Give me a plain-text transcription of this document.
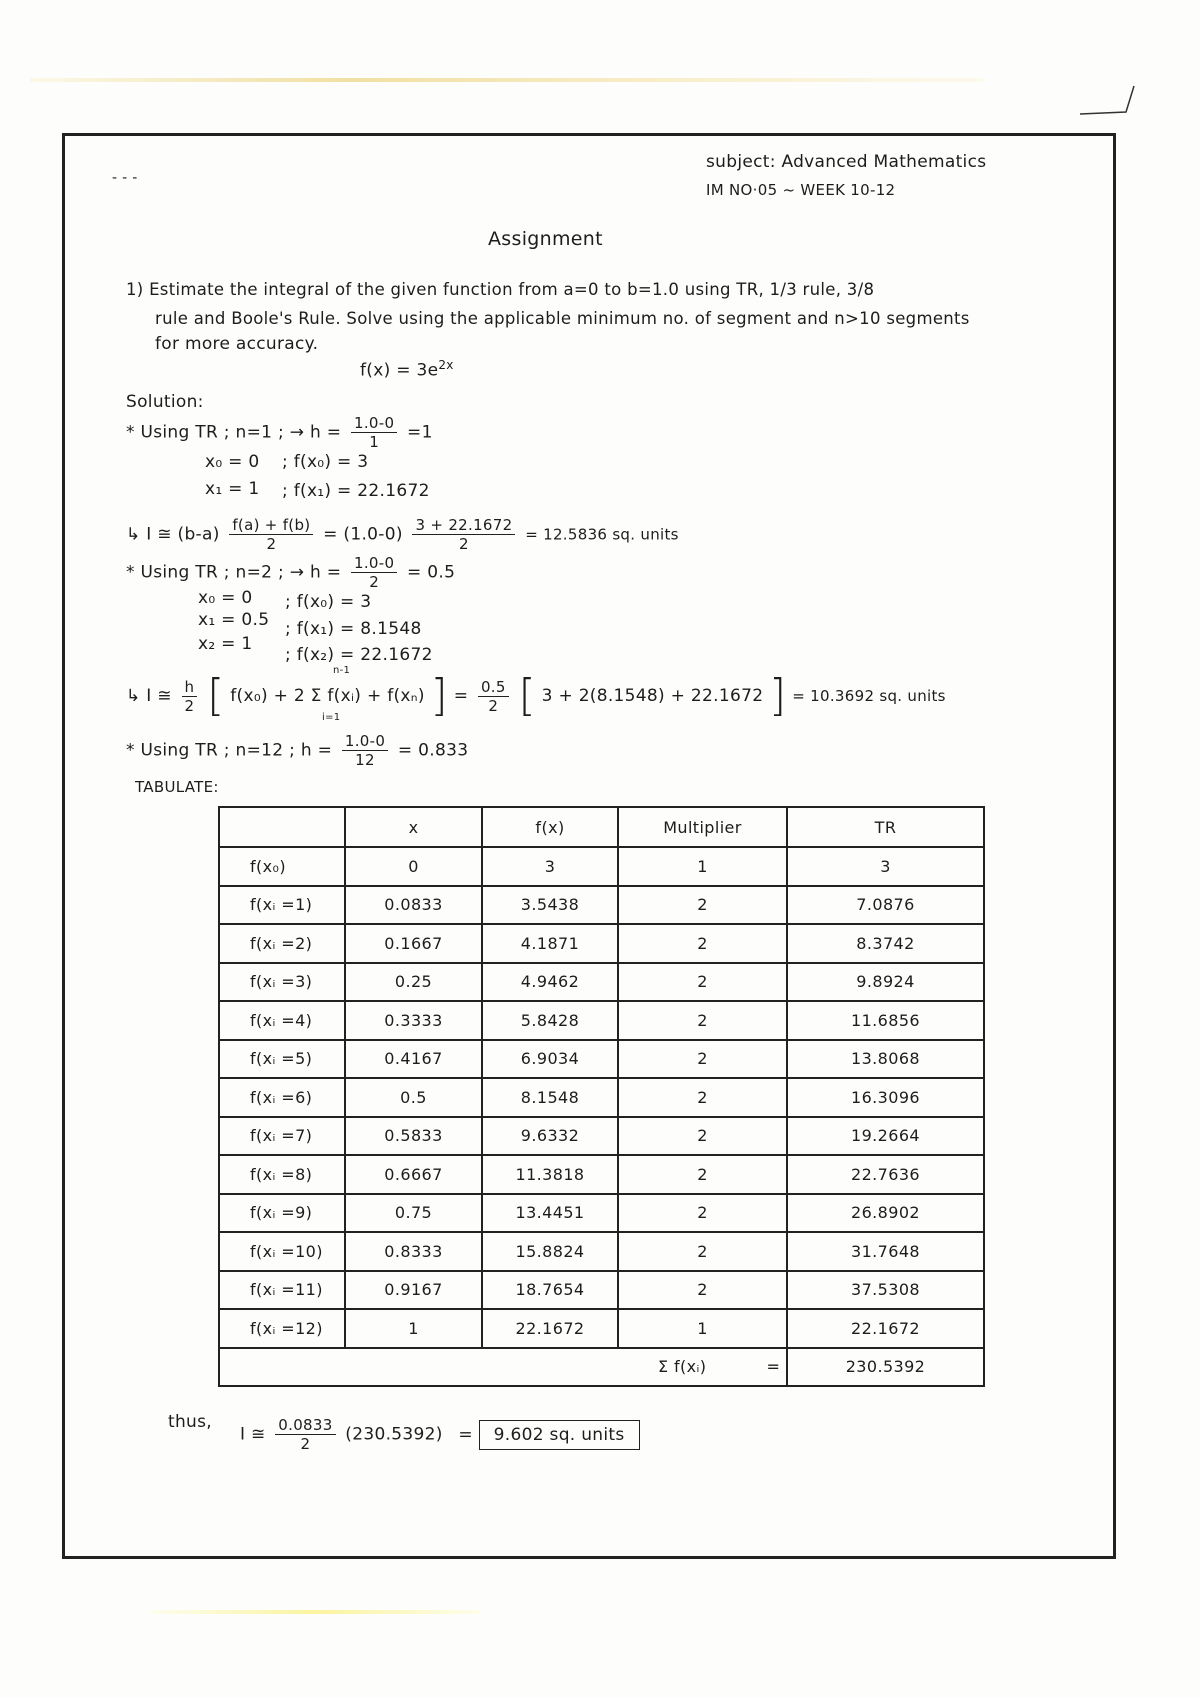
- - -
subject: Advanced Mathematics
IM NO·05 ~ WEEK 10-12
Assignment
1) Estimate the integral of the given function from a=0 to b=1.0 using TR, 1/3 rule, 3/8
rule and Boole's Rule. Solve using the applicable minimum no. of segment and n>10 segments
for more accuracy.
$f(x) = 3e^{2x}$
Solution:
* Using TR ; n=1 ; → $h = \frac{1.0-0}{1} =1$
x₀ = 0 ; f(x₀) = 3
x₁ = 1 ; f(x₁) = 22.1672
↳ I ≅ $(b-a) \frac{f(a) + f(b)}{2} = (1.0-0) \frac{3 + 22.1672}{2} = 12.5836$ sq. units
* Using TR ; n=2 ; → $h = \frac{1.0-0}{2} = 0.5$
x₀ = 0 ; f(x₀) = 3
x₁ = 0.5 ; f(x₁) = 8.1548
x₂ = 1
; f(x₂) = 22.1672
↳ I ≅ $\frac{h}{2}$ [ f(x₀) + 2 Σ f(xᵢ) + f(xₙ) ] = $\frac{0.5}{2}$ [ 3 + 2(8.1548) + 22.1672 ] = 10.3692 sq. units
n-1
i=1
* Using TR ; n=12 ; $h = \frac{1.0-0}{12} = 0.833$
TABULATE:
	x	f(x)	Multiplier	TR
f(x₀)	0	3	1	3
f(xᵢ =1)	0.0833	3.5438	2	7.0876
f(xᵢ =2)	0.1667	4.1871	2	8.3742
f(xᵢ =3)	0.25	4.9462	2	9.8924
f(xᵢ =4)	0.3333	5.8428	2	11.6856
f(xᵢ =5)	0.4167	6.9034	2	13.8068
f(xᵢ =6)	0.5	8.1548	2	16.3096
f(xᵢ =7)	0.5833	9.6332	2	19.2664
f(xᵢ =8)	0.6667	11.3818	2	22.7636
f(xᵢ =9)	0.75	13.4451	2	26.8902
f(xᵢ =10)	0.8333	15.8824	2	31.7648
f(xᵢ =11)	0.9167	18.7654	2	37.5308
f(xᵢ =12)	1	22.1672	1	22.1672
			Σ f(xᵢ) =	230.5392
thus,
I ≅ $\frac{0.0833}{2} (230.5392) = 9.602$ sq. units
